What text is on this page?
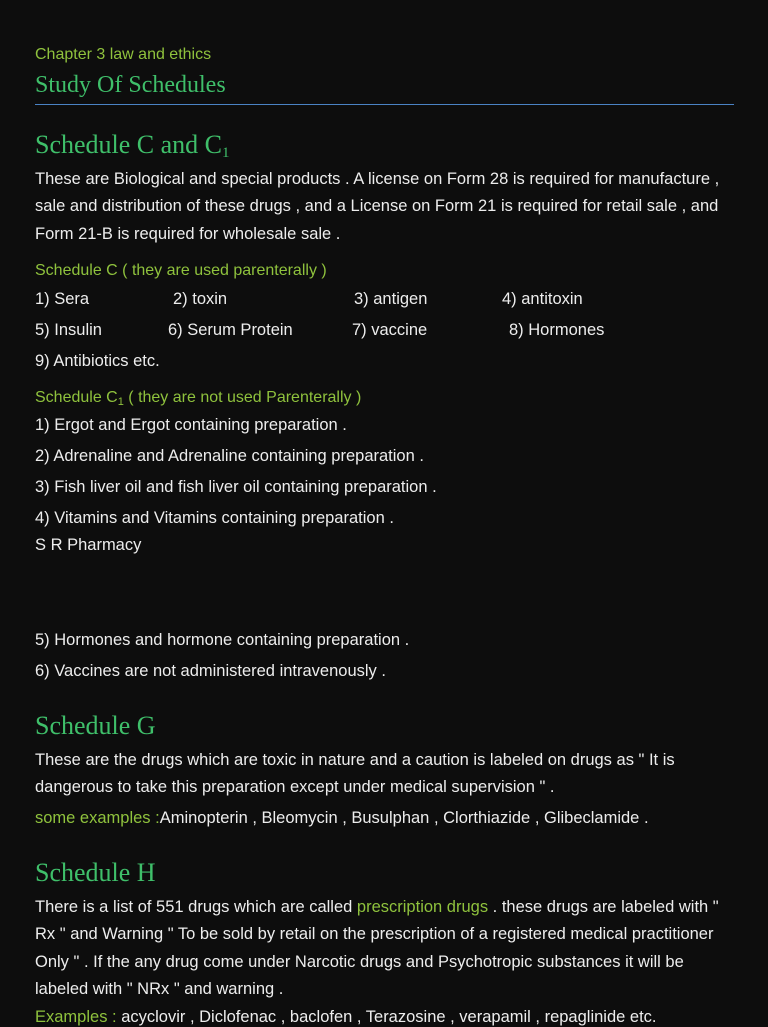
Chapter 3 law and ethics
Study Of Schedules
Schedule C and $C_1$
These are Biological and special products . A license on Form 28 is required for manufacture , sale and distribution of these drugs , and a License on Form 21 is required for retail sale , and Form 21-B is required for wholesale sale .
Schedule C ( they are used parenterally )
1) Sera	2) toxin	3) antigen	4) antitoxin
5) Insulin	6) Serum Protein	7) vaccine	8) Hormones
9) Antibiotics etc.
Schedule $C_1$ ( they are not used Parenterally )
1) Ergot and Ergot containing preparation .
2) Adrenaline and Adrenaline containing preparation .
3) Fish liver oil and fish liver oil containing preparation .
4) Vitamins and Vitamins containing preparation .
S R Pharmacy
5) Hormones and hormone containing preparation .
6) Vaccines are not administered intravenously .
Schedule G
These are the drugs which are toxic in nature and a caution is labeled on drugs as " It is dangerous to take this preparation except under medical supervision " .
some examples :Aminopterin , Bleomycin , Busulphan , Clorthiazide , Glibeclamide .
Schedule H
There is a list of 551 drugs which are called prescription drugs . these drugs are labeled with " Rx " and Warning " To be sold by retail on the prescription of a registered medical practitioner Only " . If the any drug come under Narcotic drugs and Psychotropic substances it will be labeled with " NRx " and warning .
Examples : acyclovir , Diclofenac , baclofen , Terazosine , verapamil , repaglinide etc.
